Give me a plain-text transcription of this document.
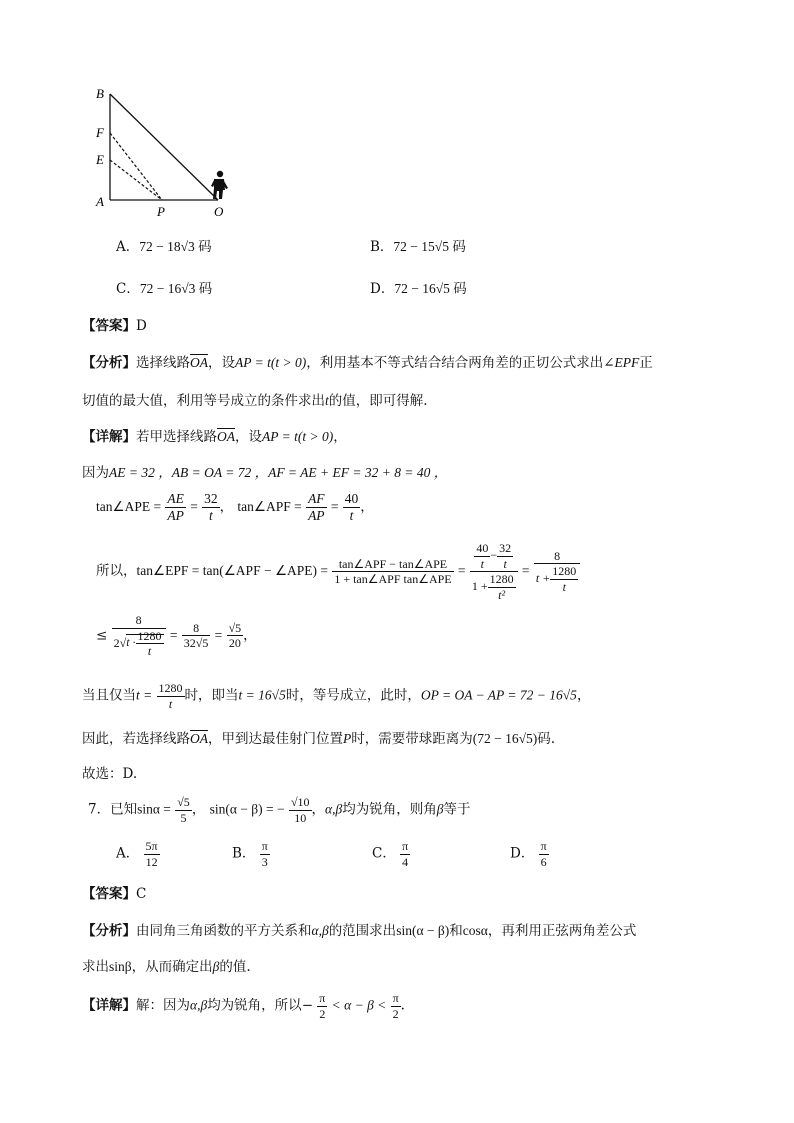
B
F
E
A
P	O
A．72 − 18√3 码	B．72 − 15√5 码
C．72 − 16√3 码	D．72 − 16√5 码
【答案】D
【分析】选择线路$\overline{OA}$，设AP = t(t > 0)，利用基本不等式结合结合两角差的正切公式求出∠EPF正
切值的最大值，利用等号成立的条件求出t的值，即可得解.
【详解】若甲选择线路$\overline{OA}$，设AP = t(t > 0)，
因为AE = 32 ，AB = OA = 72 ，AF = AE + EF = 32 + 8 = 40 ，
tan∠APE = $\frac{AE}{AP} = \frac{32}{t}$ ， tan∠APF = $\frac{AF}{AP} = \frac{40}{t}$ ，
所以，tan∠EPF = tan(∠APF − ∠APE) = $\frac{\text{tan∠APF − tan∠APE}}{\text{1 + tan∠APF tan∠APE}} = \frac{\frac{40}{t} - \frac{32}{t}}{1 + \frac{1280}{\text{t²}}} = \frac{8}{t + \frac{1280}{t}}$
≤ $\frac{8}{2√t \cdot \frac{1280}{t}} = \frac{8}{32√5} = \frac{√5}{20}$ ，
当且仅当$t = \frac{1280}{t}$ 时，即当t = 16√5时，等号成立，此时，OP = OA − AP = 72 − 16√5，
因此，若选择线路$\overline{OA}$，甲到达最佳射门位置P时，需要带球距离为(72 − 16√5)码.
故选：D.
7．已知$\sin\alpha = \frac{√5}{5}$ ， sin(α − β) = − $\frac{√10}{10}$ ，α,β均为锐角，则角β等于
A． $\frac{5\pi}{12}$	B． $\frac{\pi}{3}$	C． $\frac{\pi}{4}$	D． $\frac{\pi}{6}$
【答案】C
【分析】由同角三角函数的平方关系和α,β的范围求出sin(α − β)和cosα，再利用正弦两角差公式
求出sinβ，从而确定出β的值.
【详解】解：因为α,β均为锐角，所以− $\frac{\pi}{2} < \alpha - \beta < \frac{\pi}{2}$ .
